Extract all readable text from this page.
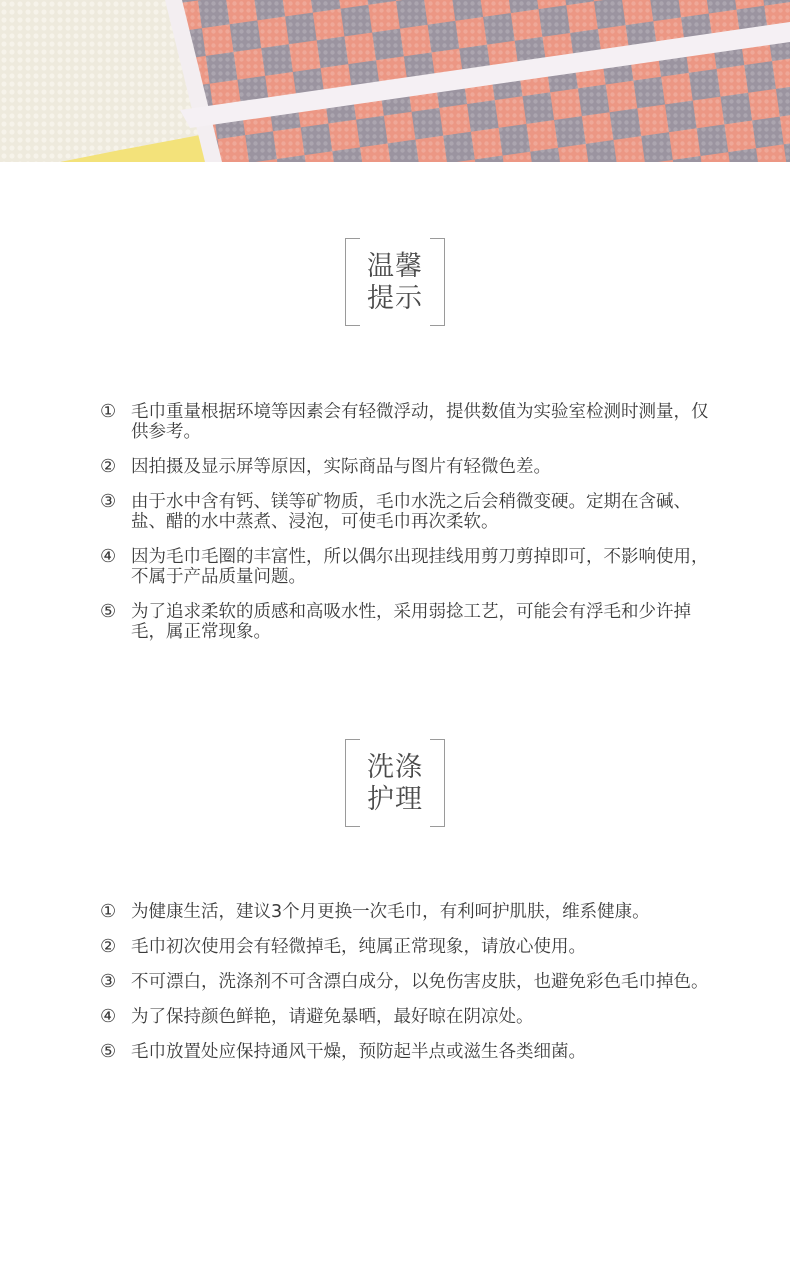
温馨
提示
① 毛巾重量根据环境等因素会有轻微浮动，提供数值为实验室检测时测量，仅供参考。
② 因拍摄及显示屏等原因，实际商品与图片有轻微色差。
③ 由于水中含有钙、镁等矿物质，毛巾水洗之后会稍微变硬。定期在含碱、盐、醋的水中蒸煮、浸泡，可使毛巾再次柔软。
④ 因为毛巾毛圈的丰富性，所以偶尔出现挂线用剪刀剪掉即可，不影响使用，不属于产品质量问题。
⑤ 为了追求柔软的质感和高吸水性，采用弱捻工艺，可能会有浮毛和少许掉毛，属正常现象。
洗涤
护理
① 为健康生活，建议3个月更换一次毛巾，有利呵护肌肤，维系健康。
② 毛巾初次使用会有轻微掉毛，纯属正常现象，请放心使用。
③ 不可漂白，洗涤剂不可含漂白成分，以免伤害皮肤，也避免彩色毛巾掉色。
④ 为了保持颜色鲜艳，请避免暴晒，最好晾在阴凉处。
⑤ 毛巾放置处应保持通风干燥，预防起半点或滋生各类细菌。
